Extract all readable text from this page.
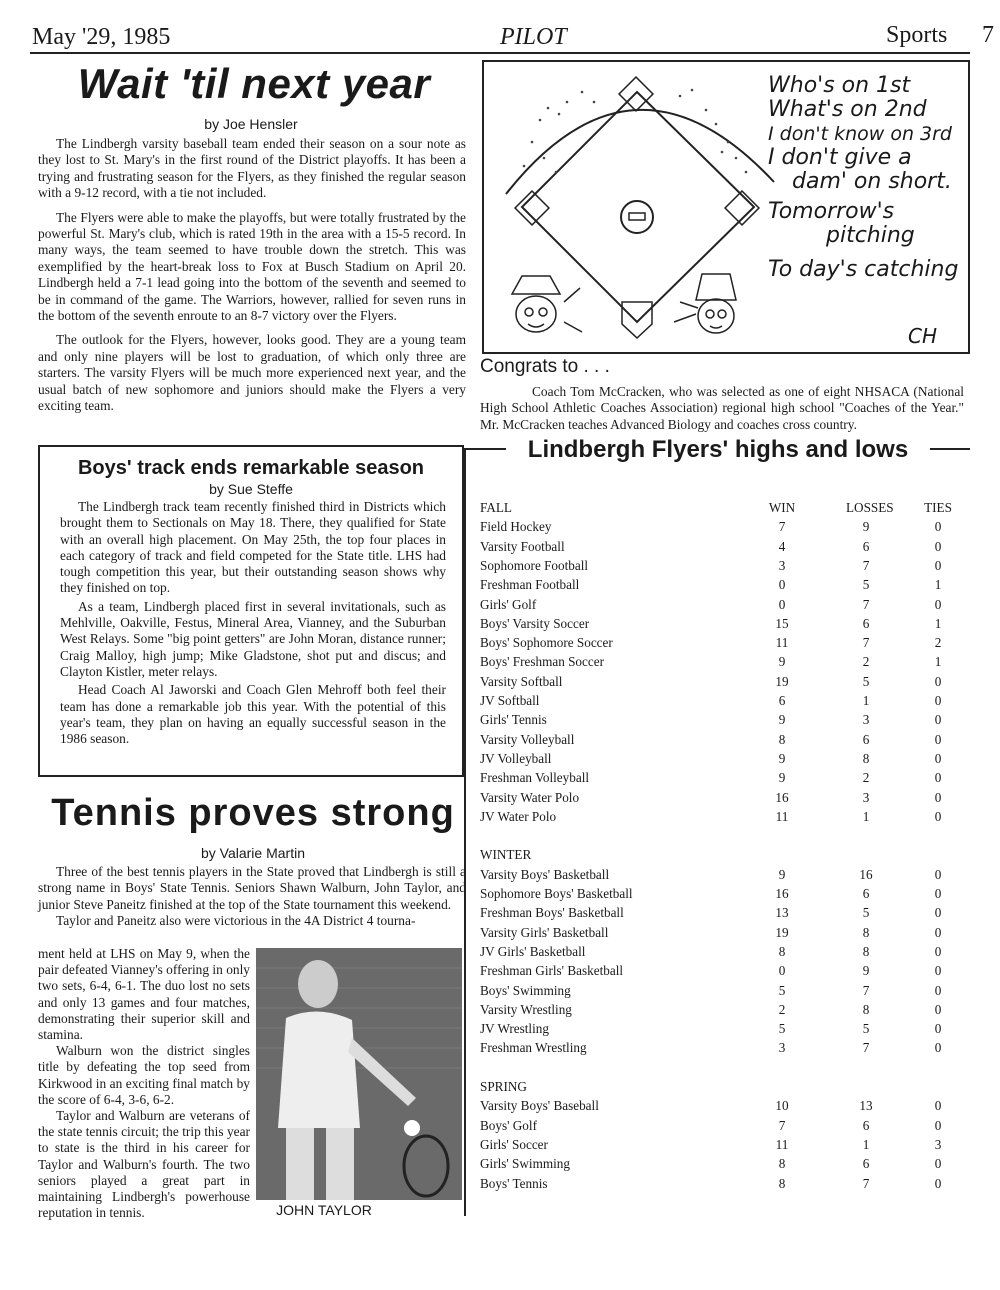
May '29, 1985	PILOT	Sports 7
Wait 'til next year
by Joe Hensler

The Lindbergh varsity baseball team ended their season on a sour note as they lost to St. Mary's in the first round of the District playoffs. It has been a trying and frustrating season for the Flyers, as they finished the regular season with a 9-12 record, with a tie not included.

The Flyers were able to make the playoffs, but were totally frustrated by the powerful St. Mary's club, which is rated 19th in the area with a 15-5 record. In many ways, the team seemed to have trouble down the stretch. This was exemplified by the heart-break loss to Fox at Busch Stadium on April 20. Lindbergh held a 7-1 lead going into the bottom of the seventh and seemed to be in command of the game. The Warriors, however, rallied for seven runs in the bottom of the seventh enroute to an 8-7 victory over the Flyers.

The outlook for the Flyers, however, looks good. They are a young team and only nine players will be lost to graduation, of which only three are starters. The varsity Flyers will be much more experienced next year, and the usual batch of new sophomore and juniors should make the Flyers a very exciting team.

Who's on 1st
What's on 2nd
I don't know on 3rd
I don't give a
dam' on short.
Tomorrow's
pitching
To day's catching
CH
Congrats to . . .
Coach Tom McCracken, who was selected as one of eight NHSACA (National High School Athletic Coaches Association) regional high school "Coaches of the Year." Mr. McCracken teaches Advanced Biology and coaches cross country.
Boys' track ends remarkable season
by Sue Steffe

The Lindbergh track team recently finished third in Districts which brought them to Sectionals on May 18. There, they qualified for State with an overall high placement. On May 25th, the top four places in each category of track and field competed for the State title. LHS had tough competition this year, but their outstanding season shows why they finished on top.

As a team, Lindbergh placed first in several invitationals, such as Mehlville, Oakville, Festus, Mineral Area, Vianney, and the Suburban West Relays. Some "big point getters" are John Moran, distance runner; Craig Malloy, high jump; Mike Gladstone, shot put and discus; and Clayton Kistler, meter relays.

Head Coach Al Jaworski and Coach Glen Mehroff both feel their team has done a remarkable job this year. With the potential of this year's team, they plan on having an equally successful season in the 1986 season.

Tennis proves strong
by Valarie Martin

Three of the best tennis players in the State proved that Lindbergh is still a strong name in Boys' State Tennis. Seniors Shawn Walburn, John Taylor, and junior Steve Paneitz finished at the top of the State tournament this weekend.

Taylor and Paneitz also were victorious in the 4A District 4 tourna-

ment held at LHS on May 9, when the pair defeated Vianney's offering in only two sets, 6-4, 6-1. The duo lost no sets and only 13 games and four matches, demonstrating their superior skill and stamina.

Walburn won the district singles title by defeating the top seed from Kirkwood in an exciting final match by the score of 6-4, 3-6, 6-2.

Taylor and Walburn are veterans of the state tennis circuit; the trip this year to state is the third in his career for Taylor and Walburn's fourth. The two seniors played a great part in maintaining Lindbergh's powerhouse reputation in tennis.	JOHN TAYLOR
Lindbergh Flyers' highs and lows
FALL	WIN	LOSSES	TIES
Field Hockey	7	9	0
Varsity Football	4	6	0
Sophomore Football	3	7	0
Freshman Football	0	5	1
Girls' Golf	0	7	0
Boys' Varsity Soccer	15	6	1
Boys' Sophomore Soccer	11	7	2
Boys' Freshman Soccer	9	2	1
Varsity Softball	19	5	0
JV Softball	6	1	0
Girls' Tennis	9	3	0
Varsity Volleyball	8	6	0
JV Volleyball	9	8	0
Freshman Volleyball	9	2	0
Varsity Water Polo	16	3	0
JV Water Polo	11	1	0
WINTER
Varsity Boys' Basketball	9	16	0
Sophomore Boys' Basketball	16	6	0
Freshman Boys' Basketball	13	5	0
Varsity Girls' Basketball	19	8	0
JV Girls' Basketball	8	8	0
Freshman Girls' Basketball	0	9	0
Boys' Swimming	5	7	0
Varsity Wrestling	2	8	0
JV Wrestling	5	5	0
Freshman Wrestling	3	7	0
SPRING
Varsity Boys' Baseball	10	13	0
Boys' Golf	7	6	0
Girls' Soccer	11	1	3
Girls' Swimming	8	6	0
Boys' Tennis	8	7	0
